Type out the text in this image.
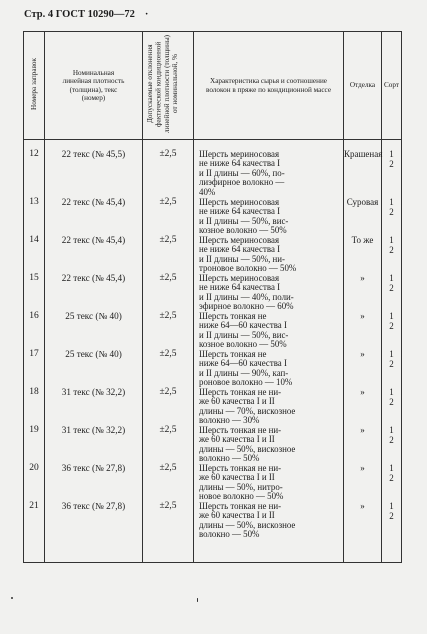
Стр. 4 ГОСТ 10290—72 ·
Номера заправок	Номинальная линейная плотность (толщина), текс (номер)	Допускаемые отклонения фактической кондиционной линейной плотности (толщины) от номинальной, %	Характеристика сырья и соотношение волокон в пряже по кондиционной массе	Отделка	Сорт
12	22 текс (№ 45,5)	±2,5	Шерсть мериносовая
не ниже 64 качества I
и II длины — 60%, по-
лиэфирное волокно —
40%	Крашеная	1
2

13	22 текс (№ 45,4)	±2,5	Шерсть мериносовая
не ниже 64 качества I
и II длины — 50%, вис-
козное волокно — 50%	Суровая	1
2

14	22 текс (№ 45,4)	±2,5	Шерсть мериносовая
не ниже 64 качества I
и II длины — 50%, ни-
троновое волокно — 50%	То же	1
2

15	22 текс (№ 45,4)	±2,5	Шерсть мериносовая
не ниже 64 качества I
и II длины — 40%, поли-
эфирное волокно — 60%	»	1
2

16	25 текс (№ 40)	±2,5	Шерсть тонкая не
ниже 64—60 качества I
и II длины — 50%, вис-
козное волокно — 50%	»	1
2

17	25 текс (№ 40)	±2,5	Шерсть тонкая не
ниже 64—60 качества I
и II длины — 90%, кап-
роновое волокно — 10%	»	1
2

18	31 текс (№ 32,2)	±2,5	Шерсть тонкая не ни-
же 60 качества I и II
длины — 70%, вискозное
волокно — 30%	»	1
2

19	31 текс (№ 32,2)	±2,5	Шерсть тонкая не ни-
же 60 качества I и II
длины — 50%, вискозное
волокно — 50%	»	1
2

20	36 текс (№ 27,8)	±2,5	Шерсть тонкая не ни-
же 60 качества I и II
длины — 50%, нитро-
новое волокно — 50%	»	1
2

21	36 текс (№ 27,8)	±2,5	Шерсть тонкая не ни-
же 60 качества I и II
длины — 50%, вискозное
волокно — 50%	»	1
2
